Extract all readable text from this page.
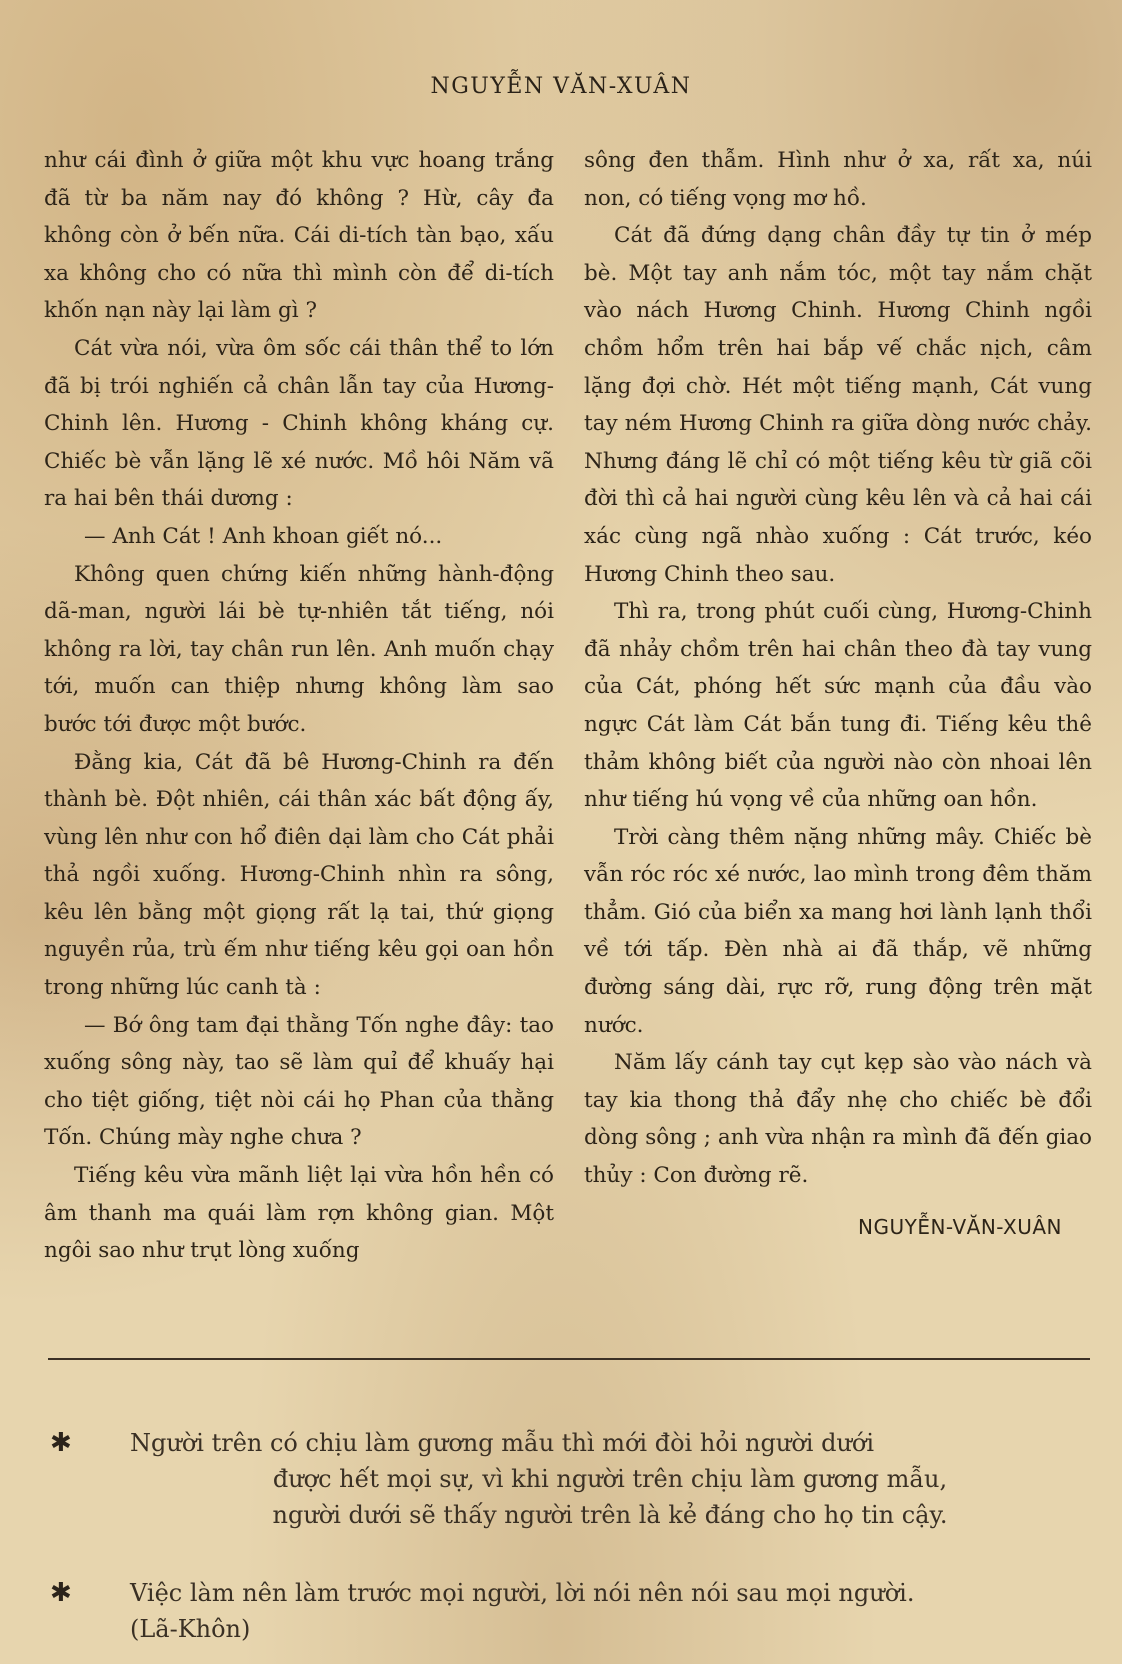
NGUYỄN VĂN-XUÂN

như cái đình ở giữa một khu vực hoang trắng đã từ ba năm nay đó không ? Hừ, cây đa không còn ở bến nữa. Cái di-tích tàn bạo, xấu xa không cho có nữa thì mình còn để di-tích khốn nạn này lại làm gì ?

Cát vừa nói, vừa ôm sốc cái thân thể to lớn đã bị trói nghiến cả chân lẫn tay của Hương-Chinh lên. Hương - Chinh không kháng cự. Chiếc bè vẫn lặng lẽ xé nước. Mồ hôi Năm vã ra hai bên thái dương :

— Anh Cát ! Anh khoan giết nó...

Không quen chứng kiến những hành-động dã-man, người lái bè tự-nhiên tắt tiếng, nói không ra lời, tay chân run lên. Anh muốn chạy tới, muốn can thiệp nhưng không làm sao bước tới được một bước.

Đằng kia, Cát đã bê Hương-Chinh ra đến thành bè. Đột nhiên, cái thân xác bất động ấy, vùng lên như con hổ điên dại làm cho Cát phải thả ngồi xuống. Hương-Chinh nhìn ra sông, kêu lên bằng một giọng rất lạ tai, thứ giọng nguyền rủa, trù ếm như tiếng kêu gọi oan hồn trong những lúc canh tà :

— Bớ ông tam đại thằng Tốn nghe đây: tao xuống sông này, tao sẽ làm quỉ để khuấy hại cho tiệt giống, tiệt nòi cái họ Phan của thằng Tốn. Chúng mày nghe chưa ?

Tiếng kêu vừa mãnh liệt lại vừa hồn hền có âm thanh ma quái làm rợn không gian. Một ngôi sao như trụt lòng xuống

sông đen thẫm. Hình như ở xa, rất xa, núi non, có tiếng vọng mơ hồ.

Cát đã đứng dạng chân đầy tự tin ở mép bè. Một tay anh nắm tóc, một tay nắm chặt vào nách Hương Chinh. Hương Chinh ngồi chồm hổm trên hai bắp vế chắc nịch, câm lặng đợi chờ. Hét một tiếng mạnh, Cát vung tay ném Hương Chinh ra giữa dòng nước chảy. Nhưng đáng lẽ chỉ có một tiếng kêu từ giã cõi đời thì cả hai người cùng kêu lên và cả hai cái xác cùng ngã nhào xuống : Cát trước, kéo Hương Chinh theo sau.

Thì ra, trong phút cuối cùng, Hương-Chinh đã nhảy chồm trên hai chân theo đà tay vung của Cát, phóng hết sức mạnh của đầu vào ngực Cát làm Cát bắn tung đi. Tiếng kêu thê thảm không biết của người nào còn nhoai lên như tiếng hú vọng về của những oan hồn.

Trời càng thêm nặng những mây. Chiếc bè vẫn róc róc xé nước, lao mình trong đêm thăm thẳm. Gió của biển xa mang hơi lành lạnh thổi về tới tấp. Đèn nhà ai đã thắp, vẽ những đường sáng dài, rực rỡ, rung động trên mặt nước.

Năm lấy cánh tay cụt kẹp sào vào nách và tay kia thong thả đẩy nhẹ cho chiếc bè đổi dòng sông ; anh vừa nhận ra mình đã đến giao thủy : Con đường rẽ.

NGUYỄN-VĂN-XUÂN

✱ Người trên có chịu làm gương mẫu thì mới đòi hỏi người dưới
được hết mọi sự, vì khi người trên chịu làm gương mẫu,
người dưới sẽ thấy người trên là kẻ đáng cho họ tin cậy.
✱ Việc làm nên làm trước mọi người, lời nói nên nói sau mọi người.
(Lã-Khôn)
